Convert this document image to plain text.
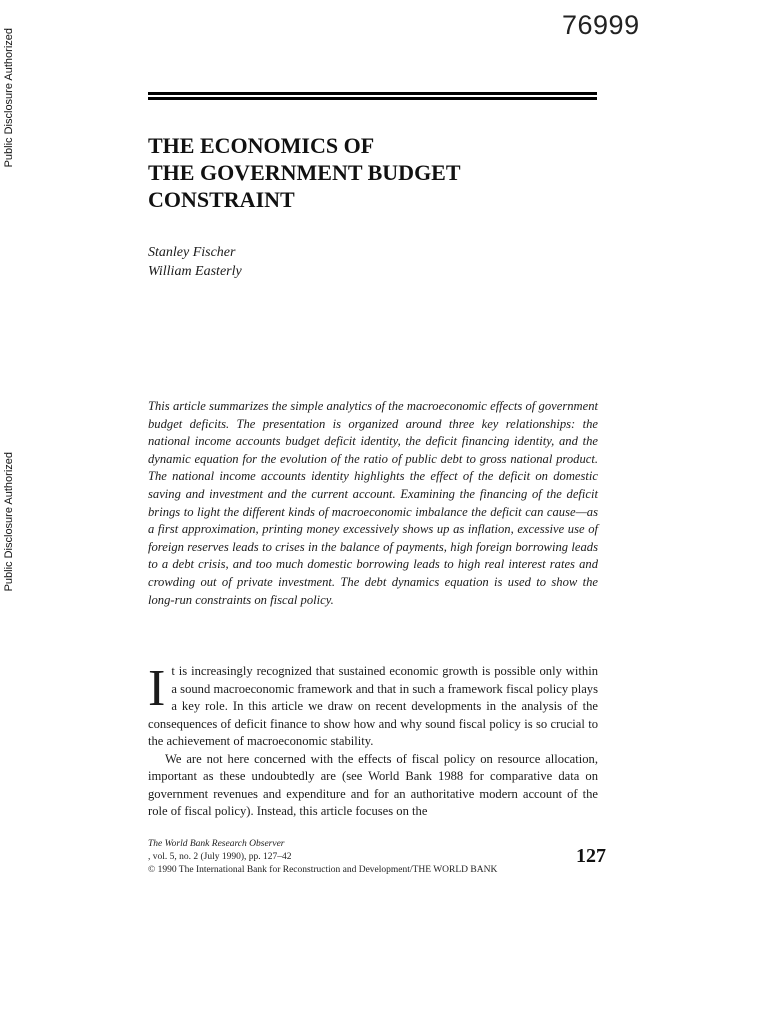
Public Disclosure Authorized
Public Disclosure Authorized
76999
THE ECONOMICS OF
THE GOVERNMENT BUDGET
CONSTRAINT
Stanley Fischer
William Easterly

This article summarizes the simple analytics of the macroeconomic effects of government budget deficits. The presentation is organized around three key relationships: the national income accounts budget deficit identity, the deficit financing identity, and the dynamic equation for the evolution of the ratio of public debt to gross national product. The national income accounts identity highlights the effect of the deficit on domestic saving and investment and the current account. Examining the financing of the deficit brings to light the different kinds of macroeconomic imbalance the deficit can cause—as a first approximation, printing money excessively shows up as inflation, excessive use of foreign reserves leads to crises in the balance of payments, high foreign borrowing leads to a debt crisis, and too much domestic borrowing leads to high real interest rates and crowding out of private investment. The debt dynamics equation is used to show the long-run constraints on fiscal policy.

It is increasingly recognized that sustained economic growth is possible only within a sound macroeconomic framework and that in such a framework fiscal policy plays a key role. In this article we draw on recent developments in the analysis of the consequences of deficit finance to show how and why sound fiscal policy is so crucial to the achievement of macroeconomic stability.

We are not here concerned with the effects of fiscal policy on resource allocation, important as these undoubtedly are (see World Bank 1988 for comparative data on government revenues and expenditure and for an authoritative modern account of the role of fiscal policy). Instead, this article focuses on the

The World Bank Research Observer
, vol. 5, no. 2 (July 1990), pp. 127–42
© 1990 The International Bank for Reconstruction and Development/THE WORLD BANK
127
